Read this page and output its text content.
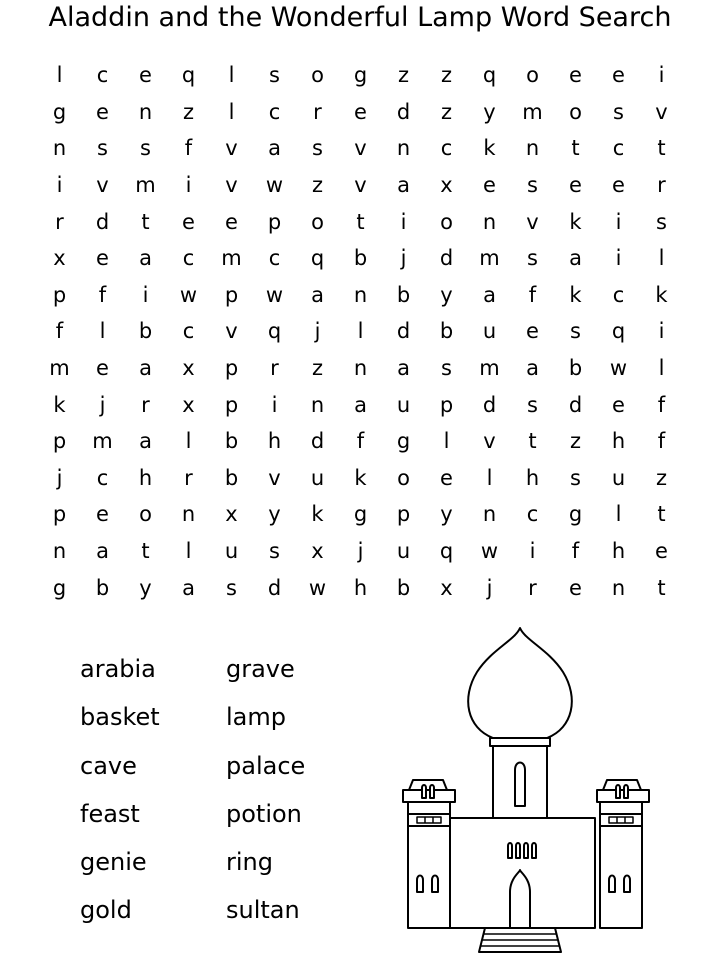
Aladdin and the Wonderful Lamp Word Search
l	c	e	q	l	s	o	g	z	z	q	o	e	e	i
g	e	n	z	l	c	r	e	d	z	y	m	o	s	v
n	s	s	f	v	a	s	v	n	c	k	n	t	c	t
i	v	m	i	v	w	z	v	a	x	e	s	e	e	r
r	d	t	e	e	p	o	t	i	o	n	v	k	i	s
x	e	a	c	m	c	q	b	j	d	m	s	a	i	l
p	f	i	w	p	w	a	n	b	y	a	f	k	c	k
f	l	b	c	v	q	j	l	d	b	u	e	s	q	i
m	e	a	x	p	r	z	n	a	s	m	a	b	w	l
k	j	r	x	p	i	n	a	u	p	d	s	d	e	f
p	m	a	l	b	h	d	f	g	l	v	t	z	h	f
j	c	h	r	b	v	u	k	o	e	l	h	s	u	z
p	e	o	n	x	y	k	g	p	y	n	c	g	l	t
n	a	t	l	u	s	x	j	u	q	w	i	f	h	e
g	b	y	a	s	d	w	h	b	x	j	r	e	n	t
arabia
basket
cave
feast
genie
gold
grave
lamp
palace
potion
ring
sultan
